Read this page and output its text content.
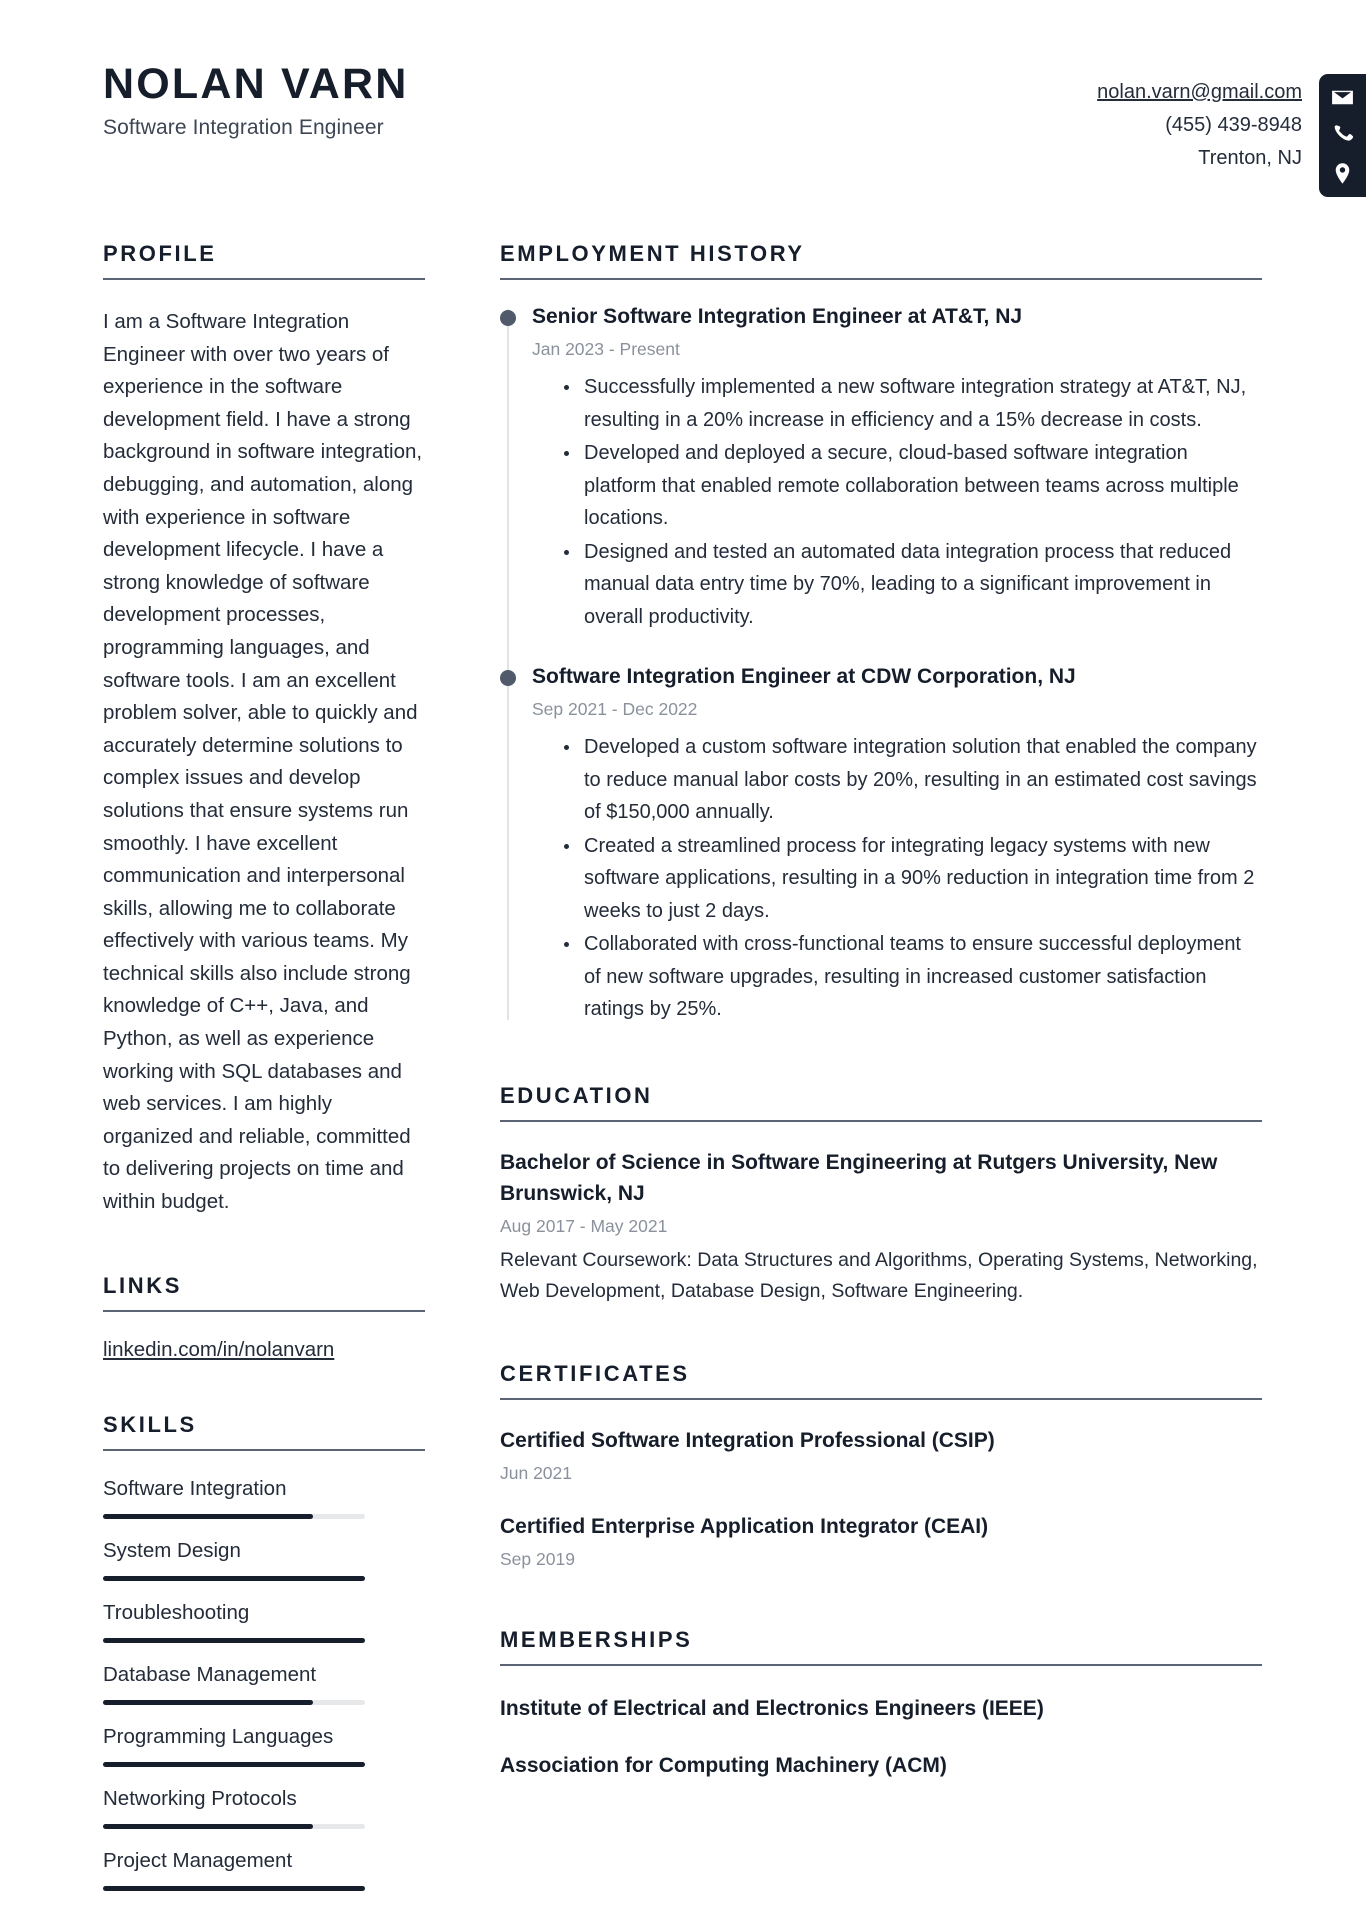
NOLAN VARN
Software Integration Engineer
nolan.varn@gmail.com
(455) 439-8948
Trenton, NJ
PROFILE
I am a Software Integration Engineer with over two years of experience in the software development field. I have a strong background in software integration, debugging, and automation, along with experience in software development lifecycle. I have a strong knowledge of software development processes, programming languages, and software tools. I am an excellent problem solver, able to quickly and accurately determine solutions to complex issues and develop solutions that ensure systems run smoothly. I have excellent communication and interpersonal skills, allowing me to collaborate effectively with various teams. My technical skills also include strong knowledge of C++, Java, and Python, as well as experience working with SQL databases and web services. I am highly organized and reliable, committed to delivering projects on time and within budget.
LINKS
linkedin.com/in/nolanvarn
SKILLS
Software Integration
System Design
Troubleshooting
Database Management
Programming Languages
Networking Protocols
Project Management
EMPLOYMENT HISTORY
Senior Software Integration Engineer at AT&T, NJ
Jan 2023 - Present
Successfully implemented a new software integration strategy at AT&T, NJ, resulting in a 20% increase in efficiency and a 15% decrease in costs.
Developed and deployed a secure, cloud-based software integration platform that enabled remote collaboration between teams across multiple locations.
Designed and tested an automated data integration process that reduced manual data entry time by 70%, leading to a significant improvement in overall productivity.
Software Integration Engineer at CDW Corporation, NJ
Sep 2021 - Dec 2022
Developed a custom software integration solution that enabled the company to reduce manual labor costs by 20%, resulting in an estimated cost savings of $150,000 annually.
Created a streamlined process for integrating legacy systems with new software applications, resulting in a 90% reduction in integration time from 2 weeks to just 2 days.
Collaborated with cross-functional teams to ensure successful deployment of new software upgrades, resulting in increased customer satisfaction ratings by 25%.
EDUCATION
Bachelor of Science in Software Engineering at Rutgers University, New Brunswick, NJ
Aug 2017 - May 2021
Relevant Coursework: Data Structures and Algorithms, Operating Systems, Networking, Web Development, Database Design, Software Engineering.
CERTIFICATES
Certified Software Integration Professional (CSIP)
Jun 2021
Certified Enterprise Application Integrator (CEAI)
Sep 2019
MEMBERSHIPS
Institute of Electrical and Electronics Engineers (IEEE)
Association for Computing Machinery (ACM)
